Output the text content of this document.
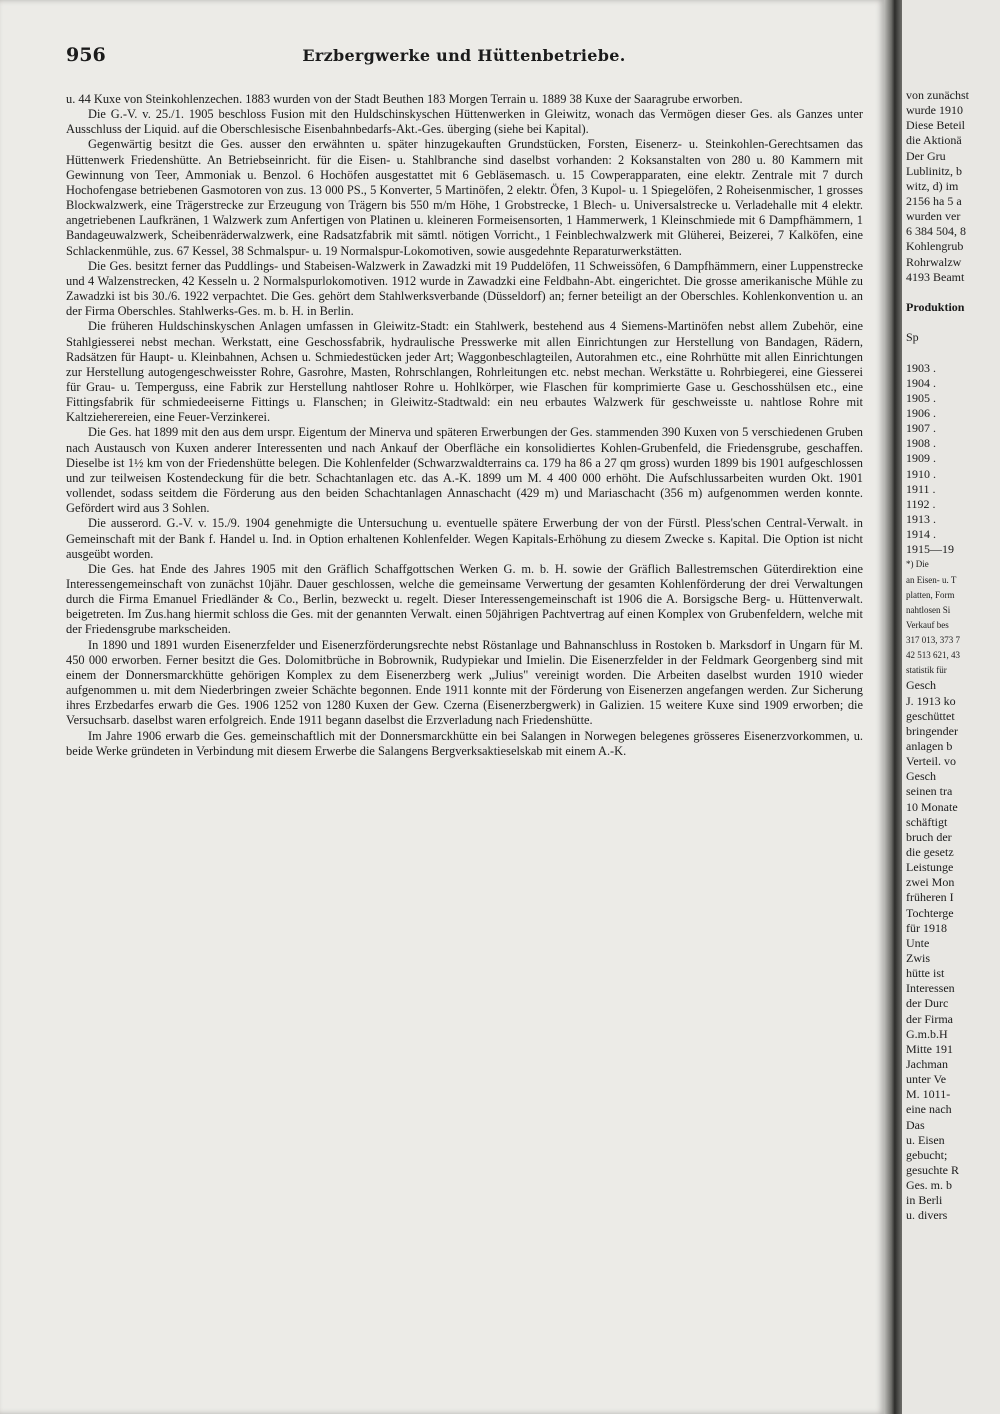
956	Erzbergwerke und Hüttenbetriebe.

u. 44 Kuxe von Steinkohlenzechen. 1883 wurden von der Stadt Beuthen 183 Morgen Terrain u. 1889 38 Kuxe der Saaragrube erworben.

Die G.-V. v. 25./1. 1905 beschloss Fusion mit den Huldschinskyschen Hüttenwerken in Gleiwitz, wonach das Vermögen dieser Ges. als Ganzes unter Ausschluss der Liquid. auf die Oberschlesische Eisenbahnbedarfs-Akt.-Ges. überging (siehe bei Kapital).

Gegenwärtig besitzt die Ges. ausser den erwähnten u. später hinzugekauften Grundstücken, Forsten, Eisenerz- u. Steinkohlen-Gerechtsamen das Hüttenwerk Friedenshütte. An Betriebseinricht. für die Eisen- u. Stahlbranche sind daselbst vorhanden: 2 Koksanstalten von 280 u. 80 Kammern mit Gewinnung von Teer, Ammoniak u. Benzol. 6 Hochöfen ausgestattet mit 6 Gebläsemasch. u. 15 Cowperapparaten, eine elektr. Zentrale mit 7 durch Hochofengase betriebenen Gasmotoren von zus. 13 000 PS., 5 Konverter, 5 Martinöfen, 2 elektr. Öfen, 3 Kupol- u. 1 Spiegelöfen, 2 Roheisenmischer, 1 grosses Blockwalzwerk, eine Trägerstrecke zur Erzeugung von Trägern bis 550 m/m Höhe, 1 Grobstrecke, 1 Blech- u. Universalstrecke u. Verladehalle mit 4 elektr. angetriebenen Laufkränen, 1 Walzwerk zum Anfertigen von Platinen u. kleineren Formeisensorten, 1 Hammerwerk, 1 Kleinschmiede mit 6 Dampfhämmern, 1 Bandageuwalzwerk, Scheibenräderwalzwerk, eine Radsatzfabrik mit sämtl. nötigen Vorricht., 1 Feinblechwalzwerk mit Glüherei, Beizerei, 7 Kalköfen, eine Schlackenmühle, zus. 67 Kessel, 38 Schmalspur- u. 19 Normalspur-Lokomotiven, sowie ausgedehnte Reparaturwerkstätten.

Die Ges. besitzt ferner das Puddlings- und Stabeisen-Walzwerk in Zawadzki mit 19 Puddelöfen, 11 Schweissöfen, 6 Dampfhämmern, einer Luppenstrecke und 4 Walzenstrecken, 42 Kesseln u. 2 Normalspurlokomotiven. 1912 wurde in Zawadzki eine Feldbahn-Abt. eingerichtet. Die grosse amerikanische Mühle zu Zawadzki ist bis 30./6. 1922 verpachtet. Die Ges. gehört dem Stahlwerksverbande (Düsseldorf) an; ferner beteiligt an der Oberschles. Kohlenkonvention u. an der Firma Oberschles. Stahlwerks-Ges. m. b. H. in Berlin.

Die früheren Huldschinskyschen Anlagen umfassen in Gleiwitz-Stadt: ein Stahlwerk, bestehend aus 4 Siemens-Martinöfen nebst allem Zubehör, eine Stahlgiesserei nebst mechan. Werkstatt, eine Geschossfabrik, hydraulische Presswerke mit allen Einrichtungen zur Herstellung von Bandagen, Rädern, Radsätzen für Haupt- u. Kleinbahnen, Achsen u. Schmiedestücken jeder Art; Waggonbeschlagteilen, Autorahmen etc., eine Rohrhütte mit allen Einrichtungen zur Herstellung autogengeschweisster Rohre, Gasrohre, Masten, Rohrschlangen, Rohrleitungen etc. nebst mechan. Werkstätte u. Rohrbiegerei, eine Giesserei für Grau- u. Temperguss, eine Fabrik zur Herstellung nahtloser Rohre u. Hohlkörper, wie Flaschen für komprimierte Gase u. Geschosshülsen etc., eine Fittingsfabrik für schmiedeeiserne Fittings u. Flanschen; in Gleiwitz-Stadtwald: ein neu erbautes Walzwerk für geschweisste u. nahtlose Rohre mit Kaltzieherereien, eine Feuer-Verzinkerei.

Die Ges. hat 1899 mit den aus dem urspr. Eigentum der Minerva und späteren Erwerbungen der Ges. stammenden 390 Kuxen von 5 verschiedenen Gruben nach Austausch von Kuxen anderer Interessenten und nach Ankauf der Oberfläche ein konsolidiertes Kohlen-Grubenfeld, die Friedensgrube, geschaffen. Dieselbe ist 1½ km von der Friedenshütte belegen. Die Kohlenfelder (Schwarzwaldterrains ca. 179 ha 86 a 27 qm gross) wurden 1899 bis 1901 aufgeschlossen und zur teilweisen Kostendeckung für die betr. Schachtanlagen etc. das A.-K. 1899 um M. 4 400 000 erhöht. Die Aufschlussarbeiten wurden Okt. 1901 vollendet, sodass seitdem die Förderung aus den beiden Schachtanlagen Annaschacht (429 m) und Mariaschacht (356 m) aufgenommen werden konnte. Gefördert wird aus 3 Sohlen.

Die ausserord. G.-V. v. 15./9. 1904 genehmigte die Untersuchung u. eventuelle spätere Erwerbung der von der Fürstl. Pless'schen Central-Verwalt. in Gemeinschaft mit der Bank f. Handel u. Ind. in Option erhaltenen Kohlenfelder. Wegen Kapitals-Erhöhung zu diesem Zwecke s. Kapital. Die Option ist nicht ausgeübt worden.

Die Ges. hat Ende des Jahres 1905 mit den Gräflich Schaffgottschen Werken G. m. b. H. sowie der Gräflich Ballestremschen Güterdirektion eine Interessengemeinschaft von zunächst 10jähr. Dauer geschlossen, welche die gemeinsame Verwertung der gesamten Kohlenförderung der drei Verwaltungen durch die Firma Emanuel Friedländer & Co., Berlin, bezweckt u. regelt. Dieser Interessengemeinschaft ist 1906 die A. Borsigsche Berg- u. Hüttenverwalt. beigetreten. Im Zus.hang hiermit schloss die Ges. mit der genannten Verwalt. einen 50jährigen Pachtvertrag auf einen Komplex von Grubenfeldern, welche mit der Friedensgrube markscheiden.

In 1890 und 1891 wurden Eisenerzfelder und Eisenerzförderungsrechte nebst Röstanlage und Bahnanschluss in Rostoken b. Marksdorf in Ungarn für M. 450 000 erworben. Ferner besitzt die Ges. Dolomitbrüche in Bobrownik, Rudypiekar und Imielin. Die Eisenerzfelder in der Feldmark Georgenberg sind mit einem der Donnersmarckhütte gehörigen Komplex zu dem Eisenerzberg werk „Julius" vereinigt worden. Die Arbeiten daselbst wurden 1910 wieder aufgenommen u. mit dem Niederbringen zweier Schächte begonnen. Ende 1911 konnte mit der Förderung von Eisenerzen angefangen werden. Zur Sicherung ihres Erzbedarfes erwarb die Ges. 1906 1252 von 1280 Kuxen der Gew. Czerna (Eisenerzbergwerk) in Galizien. 15 weitere Kuxe sind 1909 erworben; die Versuchsarb. daselbst waren erfolgreich. Ende 1911 begann daselbst die Erzverladung nach Friedenshütte.

Im Jahre 1906 erwarb die Ges. gemeinschaftlich mit der Donnersmarckhütte ein bei Salangen in Norwegen belegenes grösseres Eisenerzvorkommen, u. beide Werke gründeten in Verbindung mit diesem Erwerbe die Salangens Bergverksaktieselskab mit einem A.-K.

von zunächst
wurde 1910
Diese Beteil
die Aktionä
Der Gru
Lublinitz, b
witz, d) im
2156 ha 5 a
wurden ver
6 384 504, 8
Kohlengrub
Rohrwalzw
4193 Beamt

Produktion

Sp

1903 .
1904 .
1905 .
1906 .
1907 .
1908 .
1909 .
1910 .
1911 .
1192 .
1913 .
1914 .
1915—19
*) Die
an Eisen- u. T
platten, Form
nahtlosen Si
Verkauf bes
317 013, 373 7
42 513 621, 43
statistik für
Gesch
J. 1913 ko
geschüttet
bringender
anlagen b
Verteil. vo
Gesch
seinen tra
10 Monate
schäftigt
bruch der
die gesetz
Leistunge
zwei Mon
früheren I
Tochterge
für 1918
Unte
Zwis
hütte ist
Interessen
der Durc
der Firma
G.m.b.H
Mitte 191
Jachman
unter Ve
M. 1011-
eine nach
Das
u. Eisen
gebucht;
gesuchte R
Ges. m. b
in Berli
u. divers
